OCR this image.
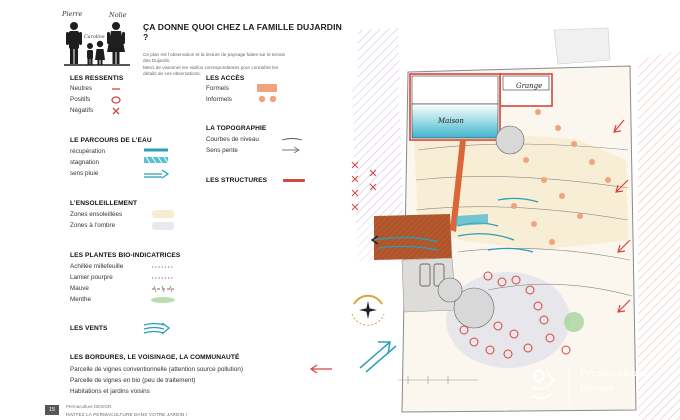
Pierre	Nolie
Caroline
ÇA DONNE QUOI CHEZ LA FAMILLE DUJARDIN ?
Ce plan est l’observation et la lecture de paysage faites sur le terrain
des Dujardin.
Merci de visionner les vidéos correspondantes pour connaître les
détails de ces observations.
LES RESSENTIS
Neutres
Positifs
Négatifs
LE PARCOURS DE L’EAU
récupération
stagnation
sens pluie
L’ENSOLEILLEMENT
Zones ensoleillées
Zones à l’ombre
LES PLANTES BIO-INDICATRICES
Achillée millefeuille
Lamier pourpre
Mauve
Menthe
LES VENTS
LES BORDURES, LE VOISINAGE, LA COMMUNAUTÉ
Parcelle de vignes conventionnelle (attention source pollution)
Parcelle de vignes en bio (peu de traitement)
Habitations et jardins voisins
LES ACCÈS
Formels
Informels
LA TOPOGRAPHIE
Courbes de niveau
Sens pente
LES STRUCTURES
Grange
Maison
15
Permaculture DESIGN
INVITEZ LA PERMACULTURE DANS VOTRE JARDIN !
Permaculture
Design
